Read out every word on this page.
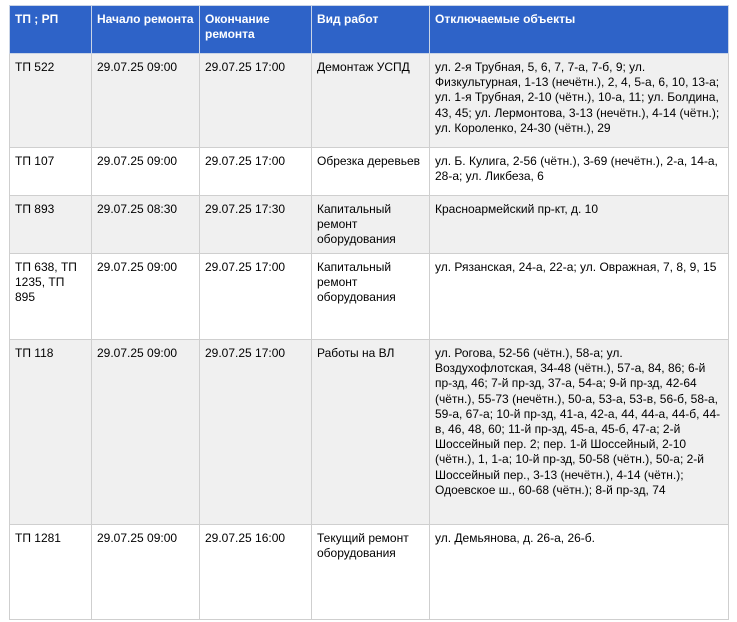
ТП ; РП	Начало ремонта	Окончание ремонта	Вид работ	Отключаемые объекты
ТП 522	29.07.25 09:00	29.07.25 17:00	Демонтаж УСПД	ул. 2-я Трубная, 5, 6, 7, 7-а, 7-б, 9; ул. Физкультурная, 1-13 (нечётн.), 2, 4, 5-а, 6, 10, 13-а; ул. 1-я Трубная, 2-10 (чётн.), 10-а, 11; ул. Болдина, 43, 45; ул. Лермонтова, 3-13 (нечётн.), 4-14 (чётн.); ул. Короленко, 24-30 (чётн.), 29
ТП 107	29.07.25 09:00	29.07.25 17:00	Обрезка деревьев	ул. Б. Кулига, 2-56 (чётн.), 3-69 (нечётн.), 2-а, 14-а, 28-а; ул. Ликбеза, 6
ТП 893	29.07.25 08:30	29.07.25 17:30	Капитальный ремонт оборудования	Красноармейский пр-кт, д. 10
ТП 638, ТП 1235, ТП 895	29.07.25 09:00	29.07.25 17:00	Капитальный ремонт оборудования	ул. Рязанская, 24-а, 22-а; ул. Овражная, 7, 8, 9, 15
ТП 118	29.07.25 09:00	29.07.25 17:00	Работы на ВЛ	ул. Рогова, 52-56 (чётн.), 58-а; ул. Воздухофлотская, 34-48 (чётн.), 57-а, 84, 86; 6-й пр-зд, 46; 7-й пр-зд, 37-а, 54-а; 9-й пр-зд, 42-64 (чётн.), 55-73 (нечётн.), 50-а, 53-а, 53-в, 56-б, 58-а, 59-а, 67-а; 10-й пр-зд, 41-а, 42-а, 44, 44-а, 44-б, 44-в, 46, 48, 60; 11-й пр-зд, 45-а, 45-б, 47-а; 2-й Шоссейный пер. 2; пер. 1-й Шоссейный, 2-10 (чётн.), 1, 1-а; 10-й пр-зд, 50-58 (чётн.), 50-а; 2-й Шоссейный пер., 3-13 (нечётн.), 4-14 (чётн.); Одоевское ш., 60-68 (чётн.); 8-й пр-зд, 74
ТП 1281	29.07.25 09:00	29.07.25 16:00	Текущий ремонт оборудования	ул. Демьянова, д. 26-а, 26-б.
